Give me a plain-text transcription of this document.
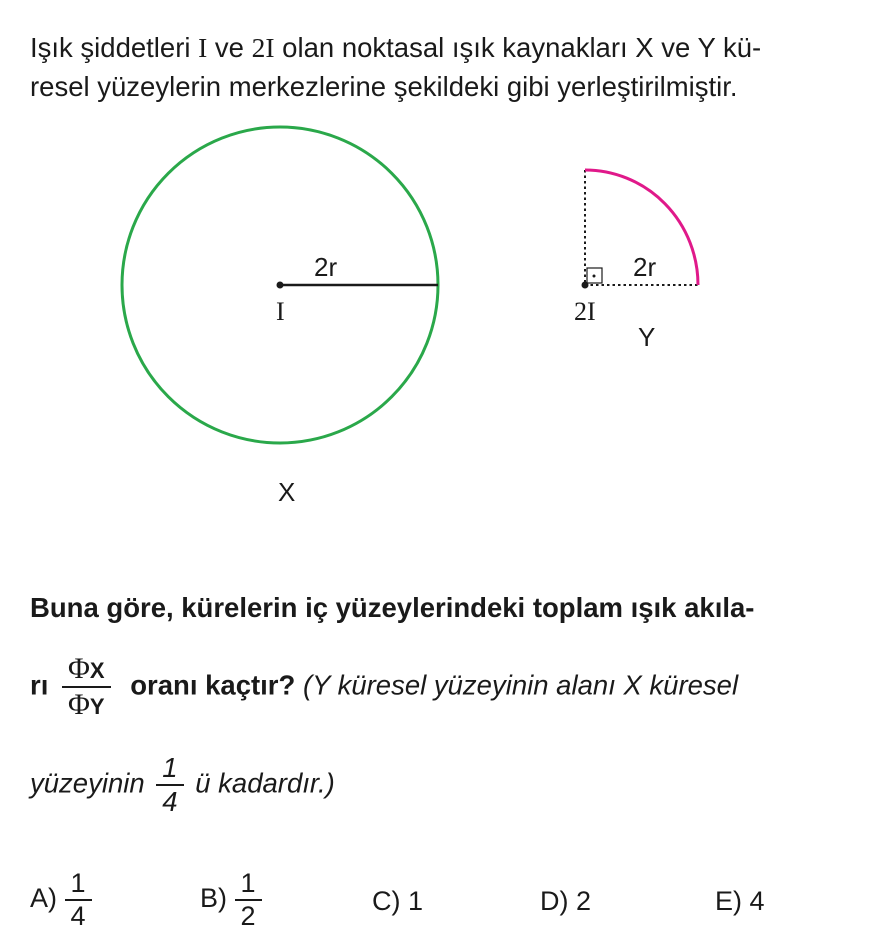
Işık şiddetleri I ve 2I olan noktasal ışık kaynakları X ve Y kü-
resel yüzeylerin merkezlerine şekildeki gibi yerleştirilmiştir.
2r
I
X
2r
2I
Y
Buna göre, kürelerin iç yüzeylerindeki toplam ışık akıla-
rı $\frac{\Phi X}{\Phi Y}$ oranı kaçtır? (Y küresel yüzeyinin alanı X küresel
yüzeyinin $\frac{1}{4}$ ü kadardır.)
$A) \frac{1}{4}$	$B) \frac{1}{2}$	C) 1	D) 2	E) 4
